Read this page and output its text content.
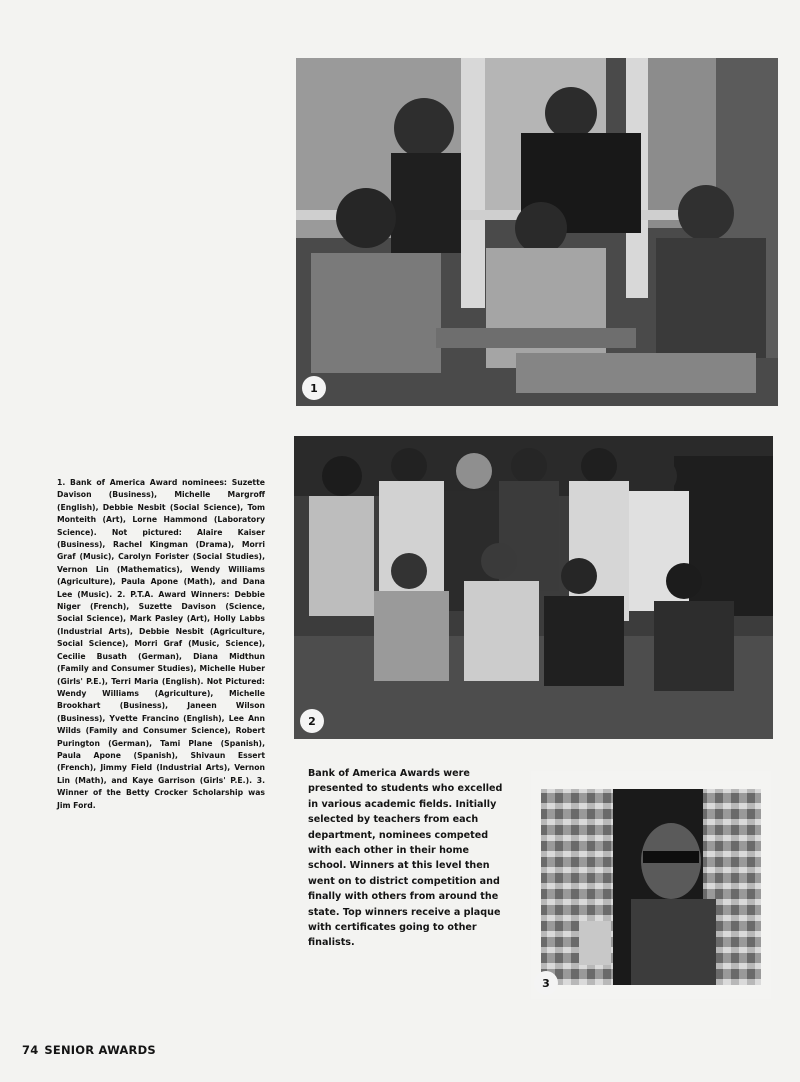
1
2
3

1. Bank of America Award nominees: Suzette Davison (Business), Michelle Margroff (English), Debbie Nesbit (Social Science), Tom Monteith (Art), Lorne Hammond (Laboratory Science). Not pictured: Alaire Kaiser (Business), Rachel Kingman (Drama), Morri Graf (Music), Carolyn Forister (Social Studies), Vernon Lin (Mathematics), Wendy Williams (Agriculture), Paula Apone (Math), and Dana Lee (Music). 2. P.T.A. Award Winners: Debbie Niger (French), Suzette Davison (Science, Social Science), Mark Pasley (Art), Holly Labbs (Industrial Arts), Debbie Nesbit (Agriculture, Social Science), Morri Graf (Music, Science), Cecilie Busath (German), Diana Midthun (Family and Consumer Studies), Michelle Huber (Girls' P.E.), Terri Maria (English). Not Pictured: Wendy Williams (Agriculture), Michelle Brookhart (Business), Janeen Wilson (Business), Yvette Francino (English), Lee Ann Wilds (Family and Consumer Science), Robert Purington (German), Tami Plane (Spanish), Paula Apone (Spanish), Shivaun Essert (French), Jimmy Field (Industrial Arts), Vernon Lin (Math), and Kaye Garrison (Girls' P.E.). 3. Winner of the Betty Crocker Scholarship was Jim Ford.

Bank of America Awards were presented to students who excelled in various academic fields. Initially selected by teachers from each department, nominees competed with each other in their home school. Winners at this level then went on to district competition and finally with others from around the state. Top winners receive a plaque with certificates going to other finalists.

74 SENIOR AWARDS
